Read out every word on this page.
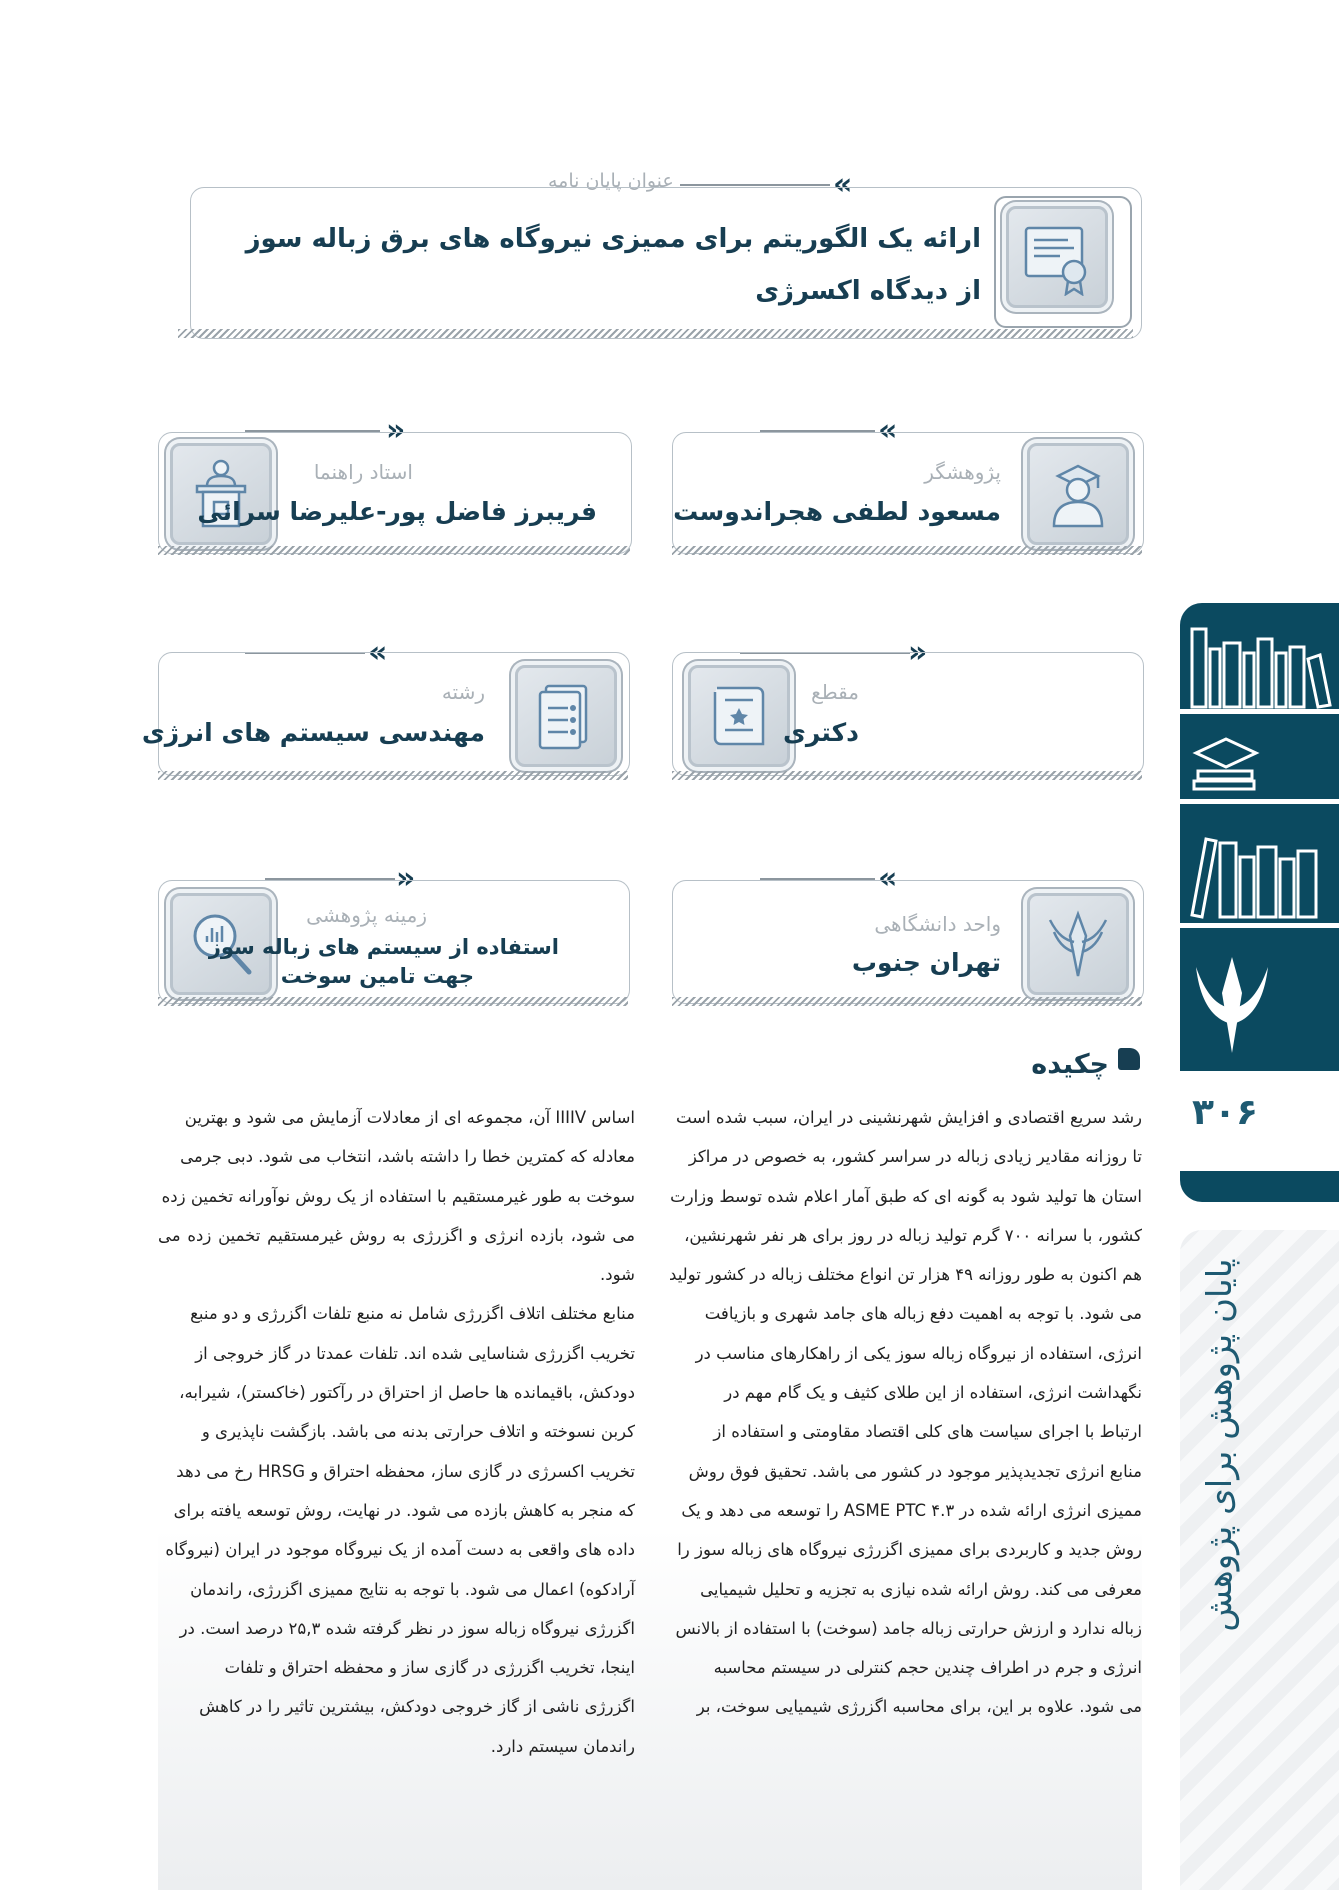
«
عنوان پایان نامه
ارائه یک الگوریتم برای ممیزی نیروگاه های برق زباله سوز
از دیدگاه اکسرژی
«
پژوهشگر
مسعود لطفی هجراندوست
»
استاد راهنما
فریبرز فاضل پور-علیرضا سرائی
»
مقطع
دکتری
«
رشته
مهندسی سیستم های انرژی
«
واحد دانشگاهی
تهران جنوب
»
زمینه پژوهشی
استفاده از سیستم های زباله سوز
جهت تامین سوخت
چکیده
رشد سریع اقتصادی و افزایش شهرنشینی در ایران، سبب شده است
تا روزانه مقادیر زیادی زباله در سراسر کشور، به خصوص در مراکز
استان ها تولید شود به گونه ای که طبق آمار اعلام شده توسط وزارت
کشور، با سرانه ۷۰۰ گرم تولید زباله در روز برای هر نفر شهرنشین،
هم اکنون به طور روزانه ۴۹ هزار تن انواع مختلف زباله در کشور تولید
می شود. با توجه به اهمیت دفع زباله های جامد شهری و بازیافت
انرژی، استفاده از نیروگاه زباله سوز یکی از راهکارهای مناسب در
نگهداشت انرژی، استفاده از این طلای کثیف و یک گام مهم در
ارتباط با اجرای سیاست های کلی اقتصاد مقاومتی و استفاده از
منابع انرژی تجدیدپذیر موجود در کشور می باشد. تحقیق فوق روش
ممیزی انرژی ارائه شده در ASME PTC ۴.۳ را توسعه می دهد و یک
روش جدید و کاربردی برای ممیزی اگزرژی نیروگاه های زباله سوز را
معرفی می کند. روش ارائه شده نیازی به تجزیه و تحلیل شیمیایی
زباله ندارد و ارزش حرارتی زباله جامد (سوخت) با استفاده از بالانس
انرژی و جرم در اطراف چندین حجم کنترلی در سیستم محاسبه
می شود. علاوه بر این، برای محاسبه اگزرژی شیمیایی سوخت، بر
اساس IIIIV آن، مجموعه ای از معادلات آزمایش می شود و بهترین
معادله که کمترین خطا را داشته باشد، انتخاب می شود. دبی جرمی
سوخت به طور غیرمستقیم با استفاده از یک روش نوآورانه تخمین زده
می شود، بازده انرژی و اگزرژی به روش غیرمستقیم تخمین زده می شود.
منابع مختلف اتلاف اگزرژی شامل نه منبع تلفات اگزرژی و دو منبع
تخریب اگزرژی شناسایی شده اند. تلفات عمدتا در گاز خروجی از
دودکش، باقیمانده ها حاصل از احتراق در رآکتور (خاکستر)، شیرابه،
کربن نسوخته و اتلاف حرارتی بدنه می باشد. بازگشت ناپذیری و
تخریب اکسرژی در گازی ساز، محفظه احتراق و HRSG رخ می دهد
که منجر به کاهش بازده می شود. در نهایت، روش توسعه یافته برای
داده های واقعی به دست آمده از یک نیروگاه موجود در ایران (نیروگاه
آرادکوه) اعمال می شود. با توجه به نتایج ممیزی اگزرژی، راندمان
اگزرژی نیروگاه زباله سوز در نظر گرفته شده ۲۵,۳ درصد است. در
اینجا، تخریب اگزرژی در گازی ساز و محفظه احتراق و تلفات
اگزرژی ناشی از گاز خروجی دودکش، بیشترین تاثیر را در کاهش
راندمان سیستم دارد.
۳۰۶
پایان پژوهش برای پژوهش
